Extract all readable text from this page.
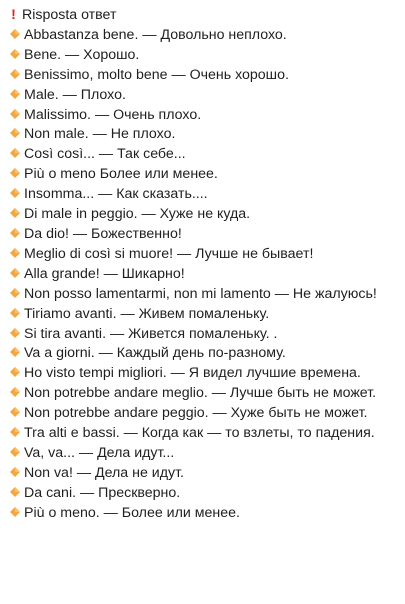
! Risposta ответ

Abbastanza bene. — Довольно неплохо.

Bene. — Хорошо.

Benissimo, molto bene — Очень хорошо.

Male. — Плохо.

Malissimo. — Очень плохо.

Non male. — Не плохо.

Così così... — Так себе...

Più o meno Более или менее.

Insomma... — Как сказать....

Di male in peggio. — Хуже не куда.

Da dio! — Божественно!

Meglio di così si muore! — Лучше не бывает!

Alla grande! — Шикарно!

Non posso lamentarmi, non mi lamento — Не жалуюсь!

Tiriamo avanti. — Живем помаленьку.

Si tira avanti. — Живется помаленьку. .

Va a giorni. — Каждый день по-разному.

Ho visto tempi migliori. — Я видел лучшие времена.

Non potrebbe andare meglio. — Лучше быть не может.

Non potrebbe andare peggio. — Хуже быть не может.

Tra alti e bassi. — Когда как — то взлеты, то падения.

Va, va... — Дела идут...

Non va! — Дела не идут.

Da cani. — Прескверно.

Più o meno. — Более или менее.
